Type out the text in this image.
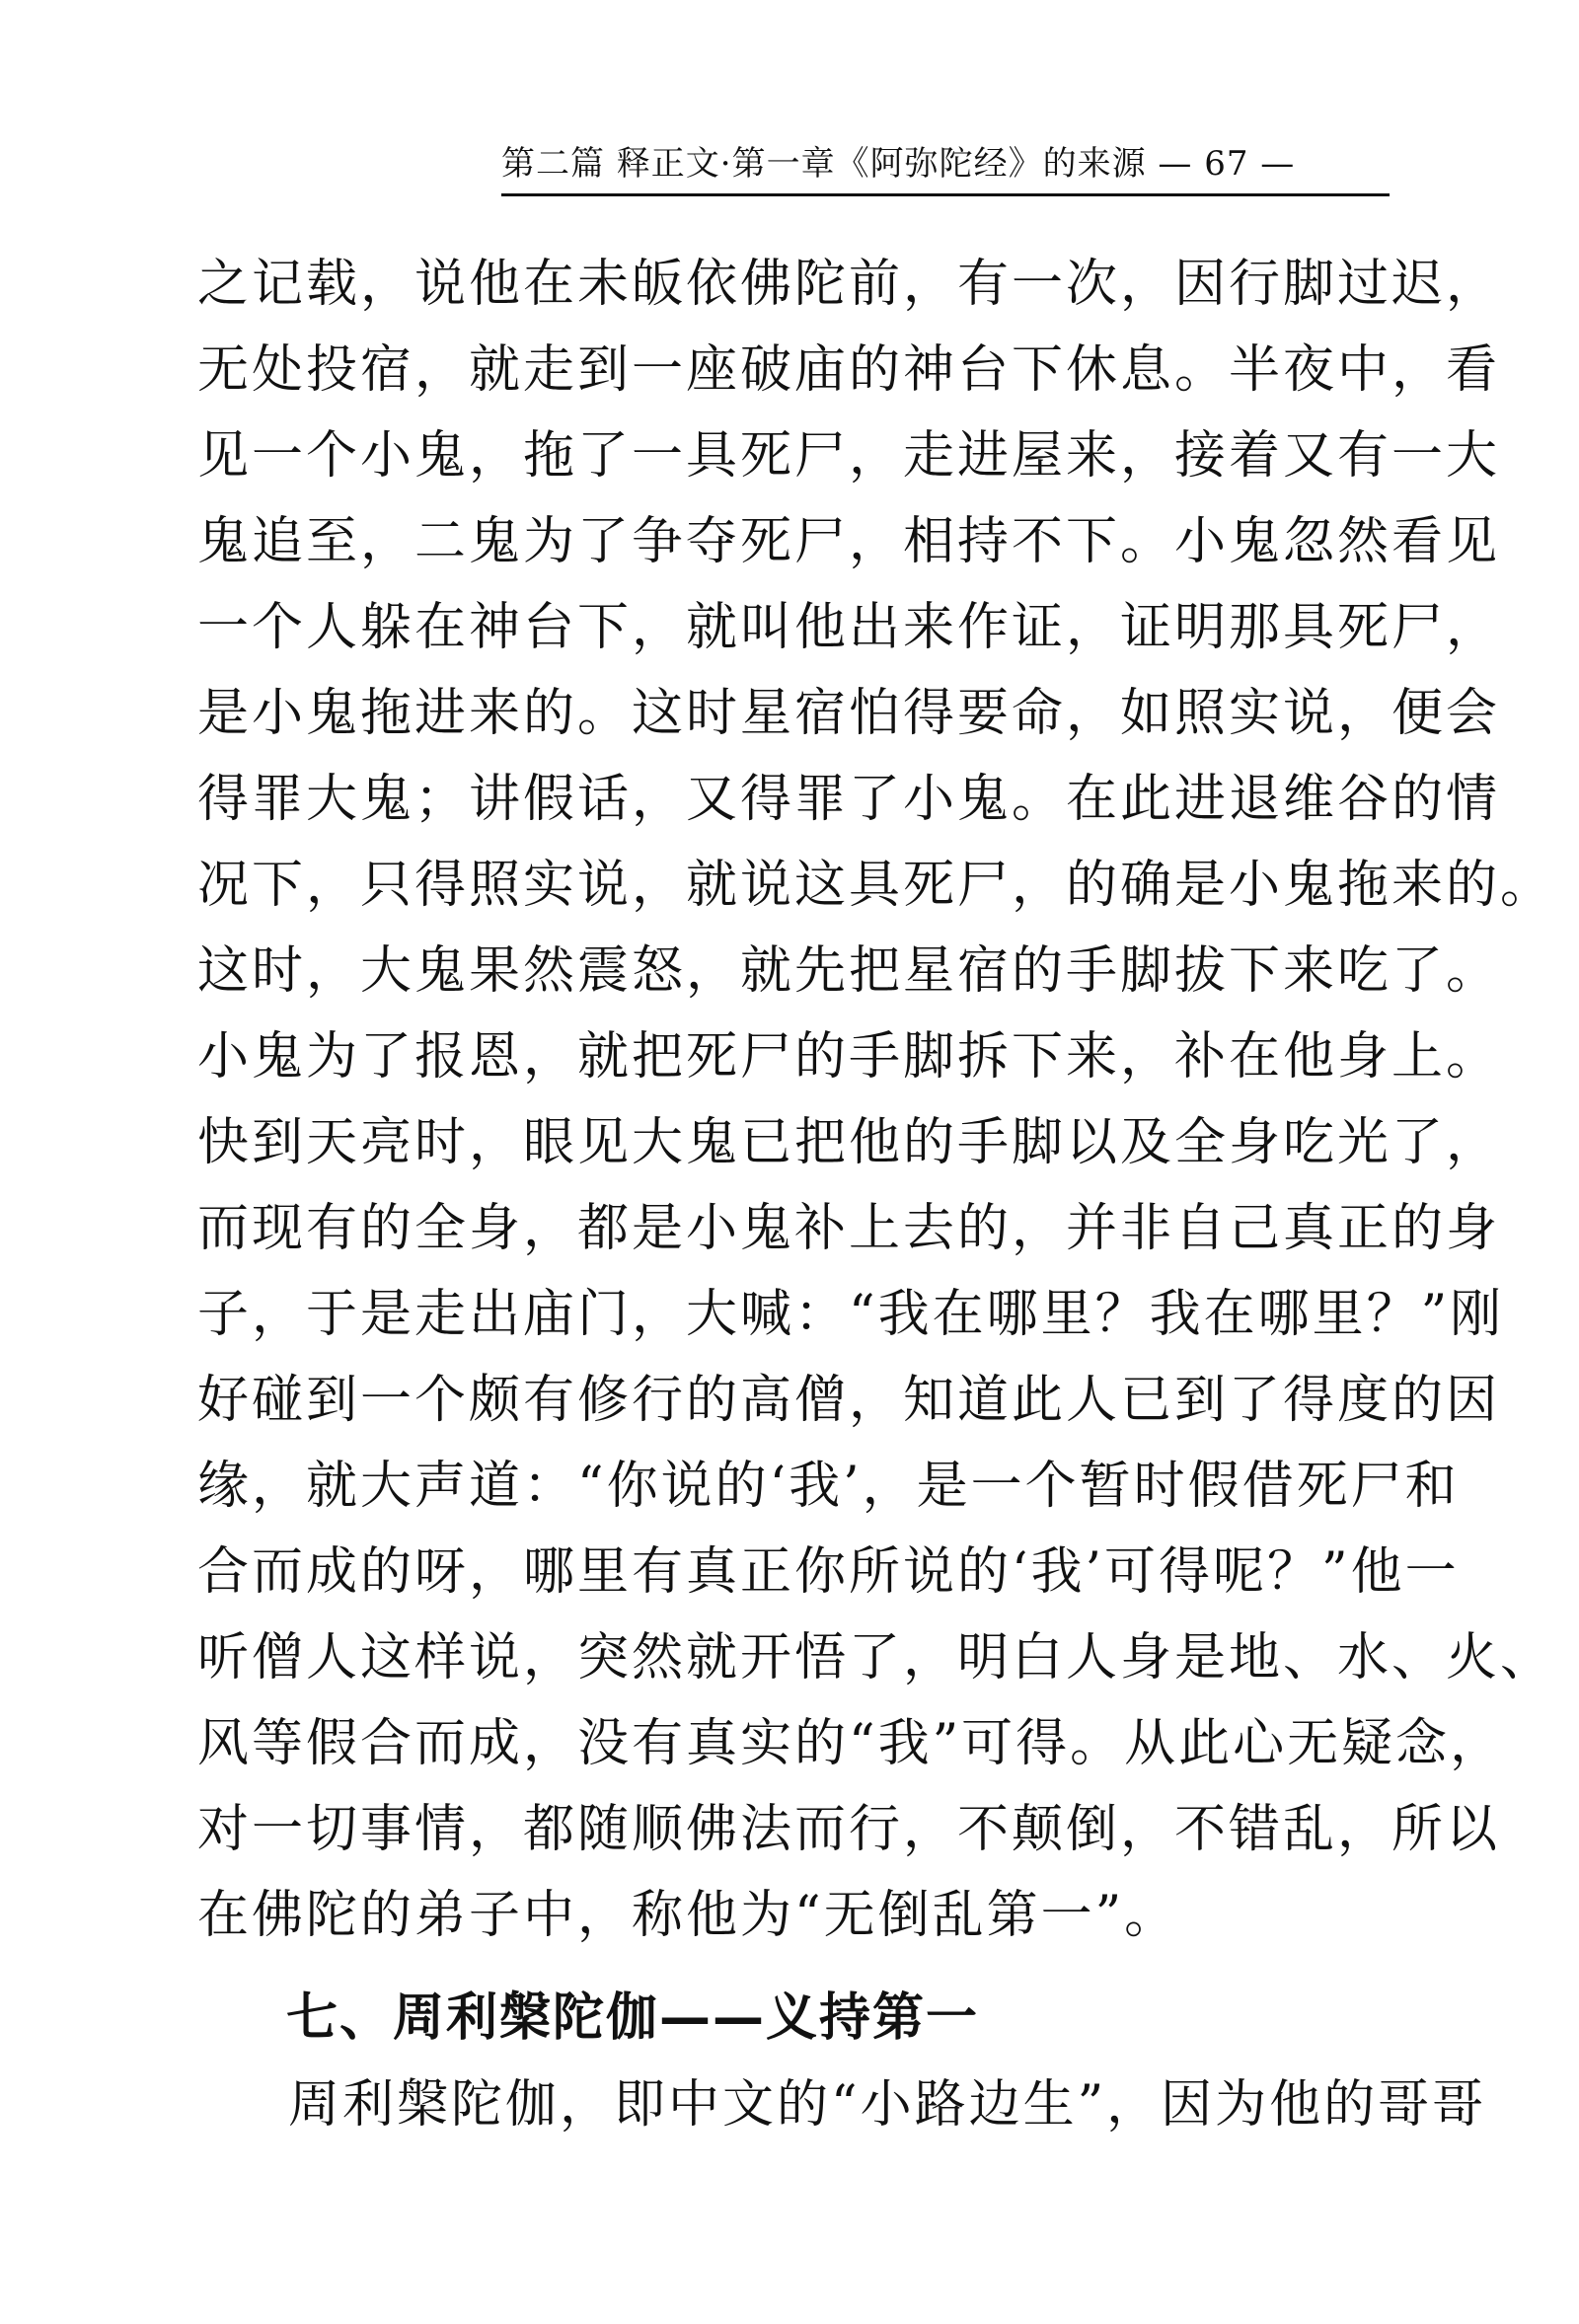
第二篇 释正文·第一章《阿弥陀经》的来源 — 67 —
之记载，说他在未皈依佛陀前，有一次，因行脚过迟，
无处投宿，就走到一座破庙的神台下休息。半夜中，看
见一个小鬼，拖了一具死尸，走进屋来，接着又有一大
鬼追至，二鬼为了争夺死尸，相持不下。小鬼忽然看见
一个人躲在神台下，就叫他出来作证，证明那具死尸，
是小鬼拖进来的。这时星宿怕得要命，如照实说，便会
得罪大鬼；讲假话，又得罪了小鬼。在此进退维谷的情
况下，只得照实说，就说这具死尸，的确是小鬼拖来的。
这时，大鬼果然震怒，就先把星宿的手脚拔下来吃了。
小鬼为了报恩，就把死尸的手脚拆下来，补在他身上。
快到天亮时，眼见大鬼已把他的手脚以及全身吃光了，
而现有的全身，都是小鬼补上去的，并非自己真正的身
子，于是走出庙门，大喊：“我在哪里？我在哪里？”刚
好碰到一个颇有修行的高僧，知道此人已到了得度的因
缘，就大声道：“你说的‘我’，是一个暂时假借死尸和
合而成的呀，哪里有真正你所说的‘我’可得呢？”他一
听僧人这样说，突然就开悟了，明白人身是地、水、火、
风等假合而成，没有真实的“我”可得。从此心无疑念，
对一切事情，都随顺佛法而行，不颠倒，不错乱，所以
在佛陀的弟子中，称他为“无倒乱第一”。
七、周利槃陀伽——义持第一
周利槃陀伽，即中文的“小路边生”，因为他的哥哥
